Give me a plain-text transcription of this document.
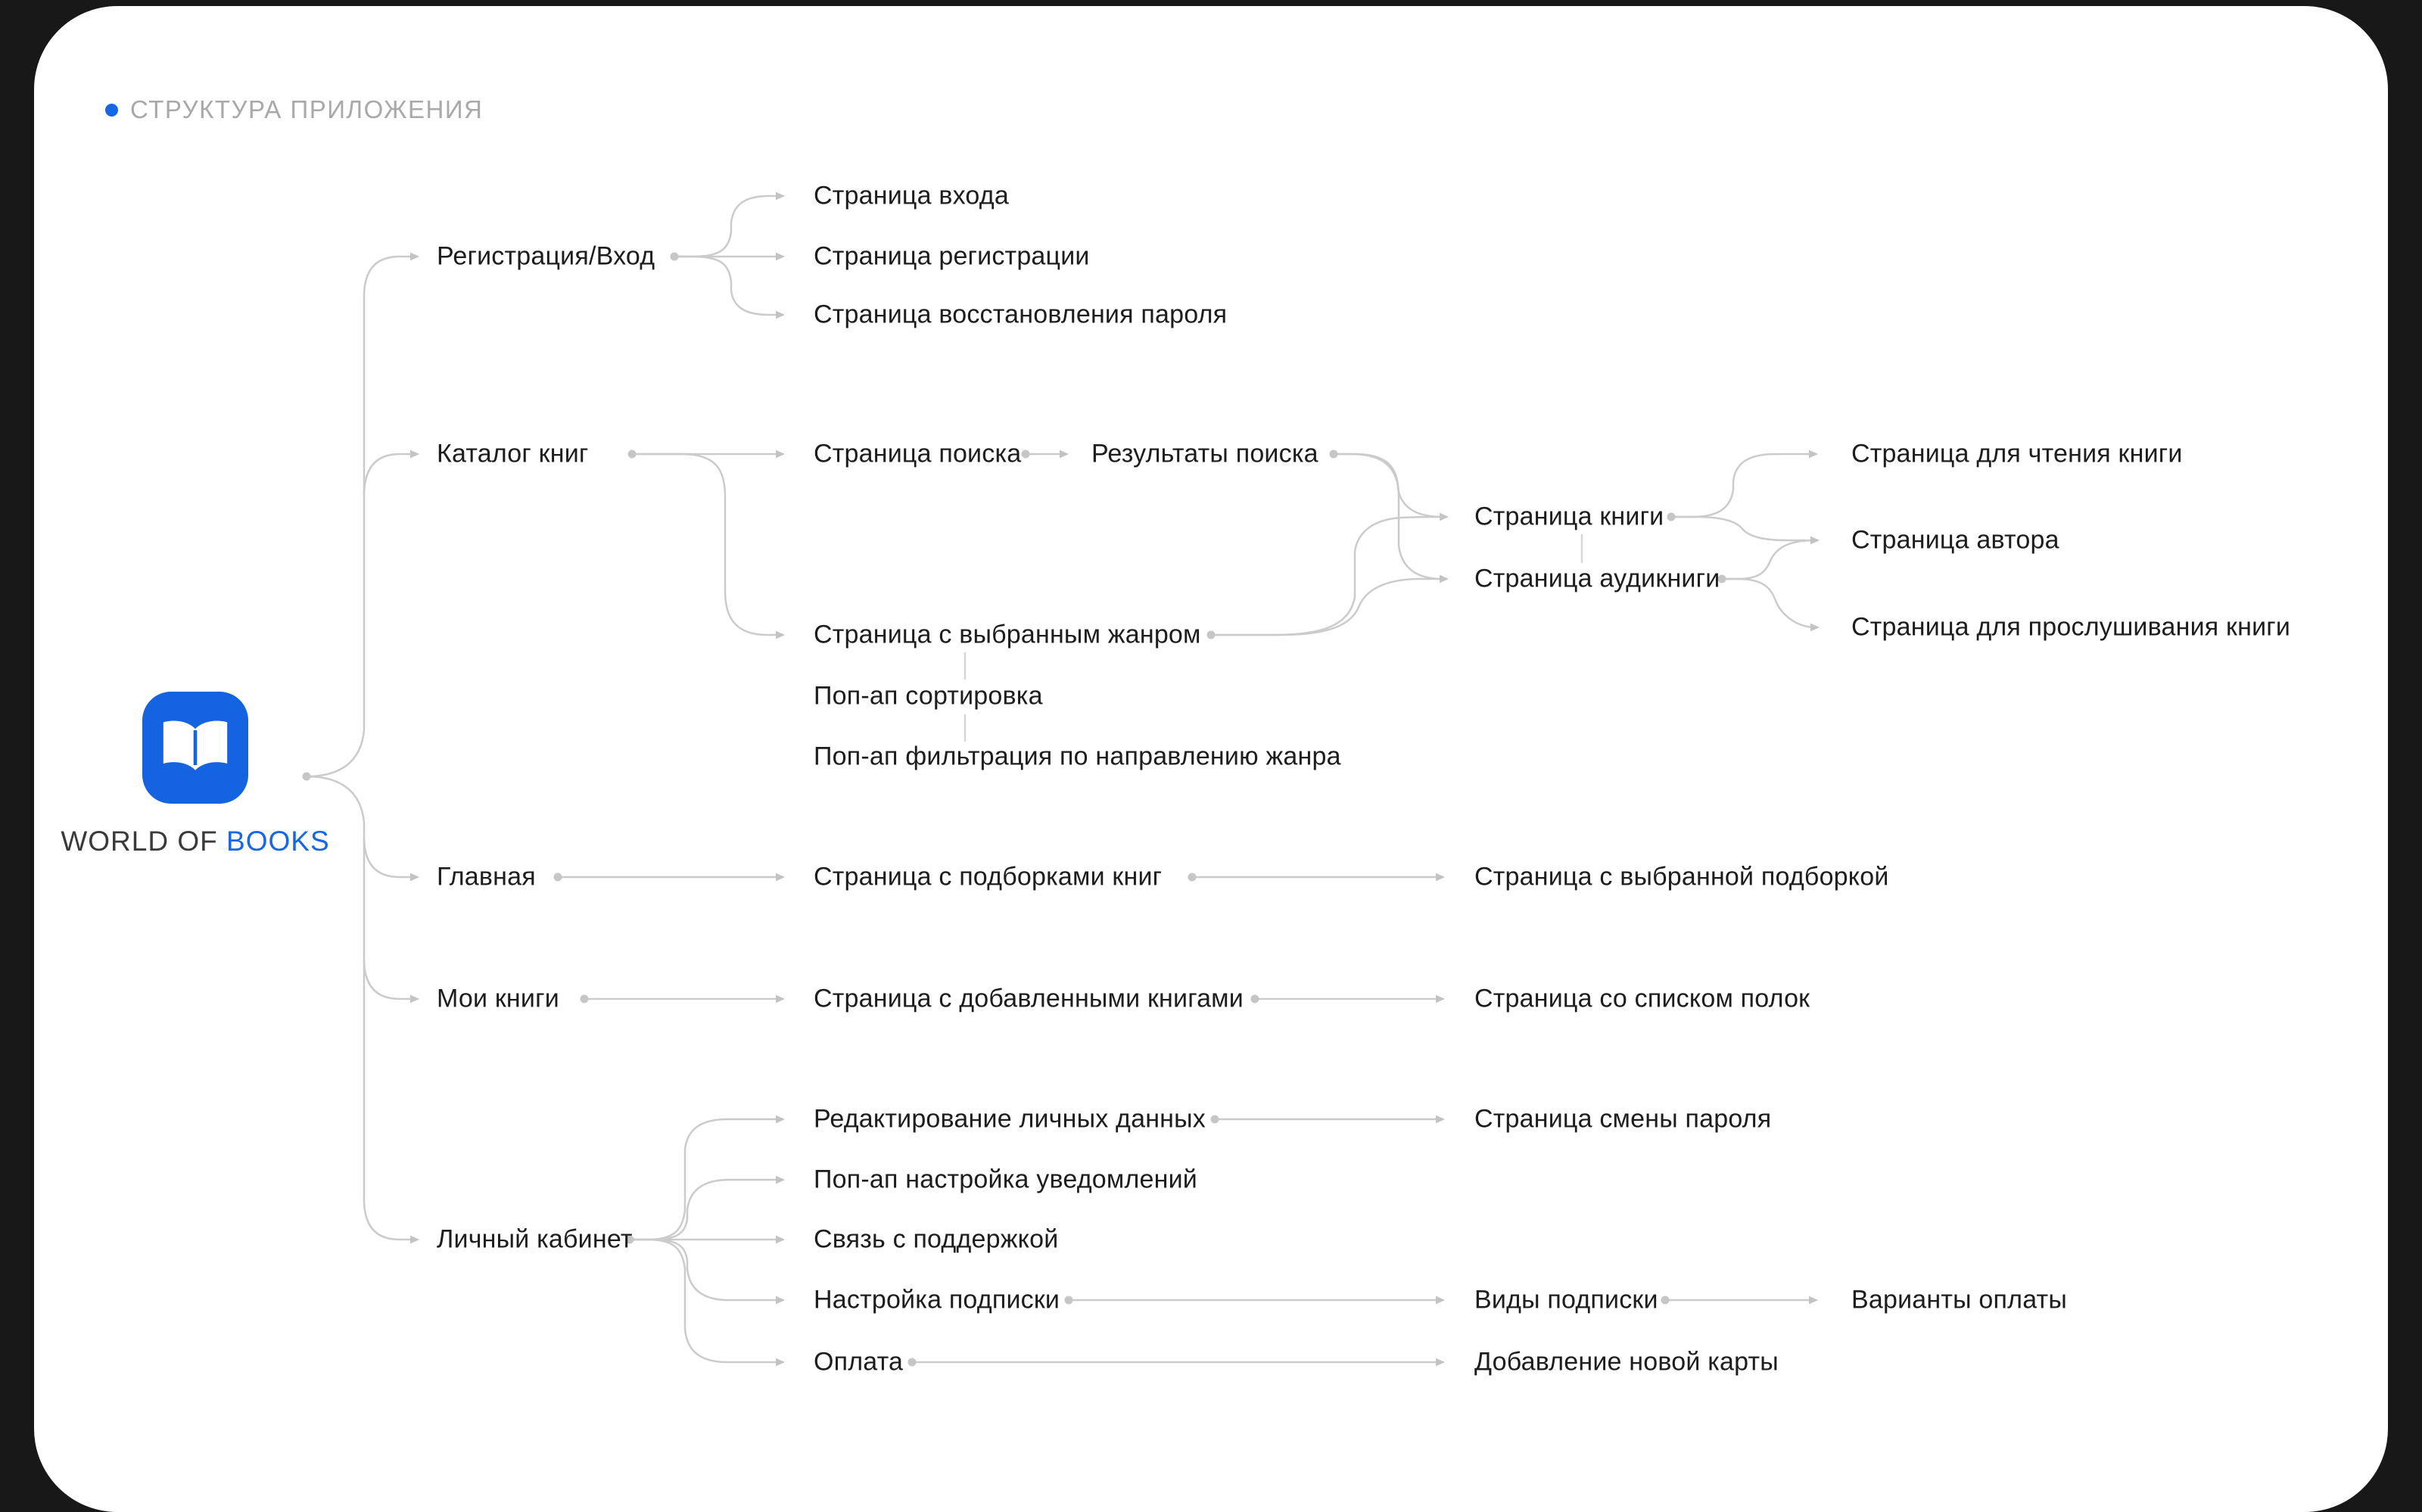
СТРУКТУРА ПРИЛОЖЕНИЯ
WORLD OF BOOKS
Регистрация/Вход
Каталог книг
Главная
Мои книги
Личный кабинет
Страница входа
Страница регистрации
Страница восстановления пароля
Страница поиска
Страница с выбранным жанром
Поп-ап сортировка
Поп-ап фильтрация по направлению жанра
Страница с подборками книг
Страница с добавленными книгами
Редактирование личных данных
Поп-ап настройка уведомлений
Связь с поддержкой
Настройка подписки
Оплата
Результаты поиска
Страница книги
Страница аудикниги
Страница с выбранной подборкой
Страница со списком полок
Страница смены пароля
Виды подписки
Добавление новой карты
Страница для чтения книги
Страница автора
Страница для прослушивания книги
Варианты оплаты
